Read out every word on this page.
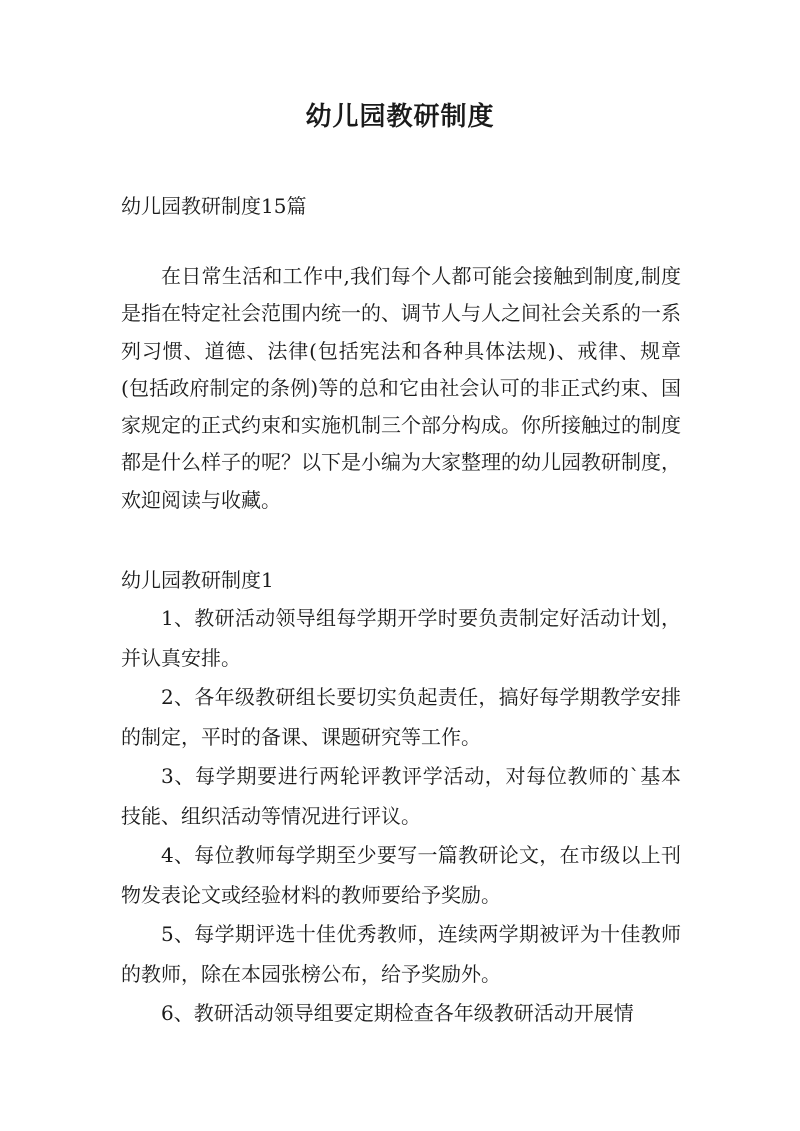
幼儿园教研制度

幼儿园教研制度15篇

在日常生活和工作中,我们每个人都可能会接触到制度,制度是指在特定社会范围内统一的、调节人与人之间社会关系的一系列习惯、道德、法律(包括宪法和各种具体法规)、戒律、规章(包括政府制定的条例)等的总和它由社会认可的非正式约束、国家规定的正式约束和实施机制三个部分构成。你所接触过的制度都是什么样子的呢？以下是小编为大家整理的幼儿园教研制度，欢迎阅读与收藏。

幼儿园教研制度1

1、教研活动领导组每学期开学时要负责制定好活动计划，并认真安排。

2、各年级教研组长要切实负起责任，搞好每学期教学安排的制定，平时的备课、课题研究等工作。

3、每学期要进行两轮评教评学活动，对每位教师的`基本技能、组织活动等情况进行评议。

4、每位教师每学期至少要写一篇教研论文，在市级以上刊物发表论文或经验材料的教师要给予奖励。

5、每学期评选十佳优秀教师，连续两学期被评为十佳教师的教师，除在本园张榜公布，给予奖励外。

6、教研活动领导组要定期检查各年级教研活动开展情
